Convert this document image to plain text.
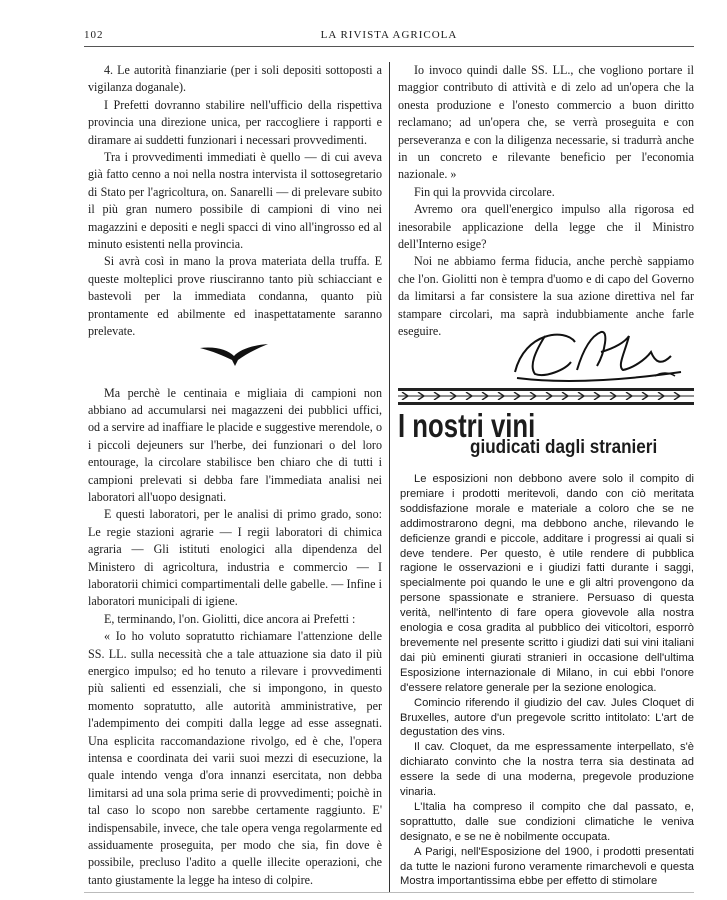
102	LA RIVISTA AGRICOLA

4. Le autorità finanziarie (per i soli depositi sottoposti a vigilanza doganale).

I Prefetti dovranno stabilire nell'ufficio della rispettiva provincia una direzione unica, per raccogliere i rapporti e diramare ai suddetti funzionari i necessari provvedimenti.

Tra i provvedimenti immediati è quello — di cui aveva già fatto cenno a noi nella nostra intervista il sottosegretario di Stato per l'agricoltura, on. Sanarelli — di prelevare subito il più gran numero possibile di campioni di vino nei magazzini e depositi e negli spacci di vino all'ingrosso ed al minuto esistenti nella provincia.

Si avrà così in mano la prova materiata della truffa. E queste molteplici prove riusciranno tanto più schiacciant e bastevoli per la immediata condanna, quanto più prontamente ed abilmente ed inaspettatamente saranno prelevate.

Ma perchè le centinaia e migliaia di campioni non abbiano ad accumularsi nei magazzeni dei pubblici uffici, od a servire ad inaffiare le placide e suggestive merendole, o i piccoli dejeuners sur l'herbe, dei funzionari o del loro entourage, la circolare stabilisce ben chiaro che di tutti i campioni prelevati si debba fare l'immediata analisi nei laboratori all'uopo designati.

E questi laboratori, per le analisi di primo grado, sono: Le regie stazioni agrarie — I regii laboratori di chimica agraria — Gli istituti enologici alla dipendenza del Ministero di agricoltura, industria e commercio — I laboratorii chimici compartimentali delle gabelle. — Infine i laboratori municipali di igiene.

E, terminando, l'on. Giolitti, dice ancora ai Prefetti :

« Io ho voluto sopratutto richiamare l'attenzione delle SS. LL. sulla necessità che a tale attuazione sia dato il più energico impulso; ed ho tenuto a rilevare i provvedimenti più salienti ed essenziali, che si impongono, in questo momento sopratutto, alle autorità amministrative, per l'adempimento dei compiti dalla legge ad esse assegnati. Una esplicita raccomandazione rivolgo, ed è che, l'opera intensa e coordinata dei varii suoi mezzi di esecuzione, la quale intendo venga d'ora innanzi esercitata, non debba limitarsi ad una sola prima serie di provvedimenti; poichè in tal caso lo scopo non sarebbe certamente raggiunto. E' indispensabile, invece, che tale opera venga regolarmente ed assiduamente proseguita, per modo che sia, fin dove è possibile, precluso l'adito a quelle illecite operazioni, che tanto giustamente la legge ha inteso di colpire.

Io invoco quindi dalle SS. LL., che vogliono portare il maggior contributo di attività e di zelo ad un'opera che la onesta produzione e l'onesto commercio a buon diritto reclamano; ad un'opera che, se verrà proseguita e con perseveranza e con la diligenza necessarie, si tradurrà anche in un concreto e rilevante beneficio per l'economia nazionale. »

Fin qui la provvida circolare.

Avremo ora quell'energico impulso alla rigorosa ed inesorabile applicazione della legge che il Ministro dell'Interno esige?

Noi ne abbiamo ferma fiducia, anche perchè sappiamo che l'on. Giolitti non è tempra d'uomo e di capo del Governo da limitarsi a far consistere la sua azione direttiva nel far stampare circolari, ma saprà indubbiamente anche farle eseguire.

I nostri vini
giudicati dagli stranieri

Le esposizioni non debbono avere solo il compito di premiare i prodotti meritevoli, dando con ciò meritata soddisfazione morale e materiale a coloro che se ne addimostrarono degni, ma debbono anche, rilevando le deficienze grandi e piccole, additare i progressi ai quali si deve tendere. Per questo, è utile rendere di pubblica ragione le osservazioni e i giudizi fatti durante i saggi, specialmente poi quando le une e gli altri provengono da persone spassionate e straniere. Persuaso di questa verità, nell'intento di fare opera giovevole alla nostra enologia e cosa gradita al pubblico dei viticoltori, esporrò brevemente nel presente scritto i giudizi dati sui vini italiani dai più eminenti giurati stranieri in occasione dell'ultima Esposizione internazionale di Milano, in cui ebbi l'onore d'essere relatore generale per la sezione enologica.

Comincio riferendo il giudizio del cav. Jules Cloquet di Bruxelles, autore d'un pregevole scritto intitolato: L'art de degustation des vins.

Il cav. Cloquet, da me espressamente interpellato, s'è dichiarato convinto che la nostra terra sia destinata ad essere la sede di una moderna, pregevole produzione vinaria.

L'Italia ha compreso il compito che dal passato, e, soprattutto, dalle sue condizioni climatiche le veniva designato, e se ne è nobilmente occupata.

A Parigi, nell'Esposizione del 1900, i prodotti presentati da tutte le nazioni furono veramente rimarchevoli e questa Mostra importantissima ebbe per effetto di stimolare
